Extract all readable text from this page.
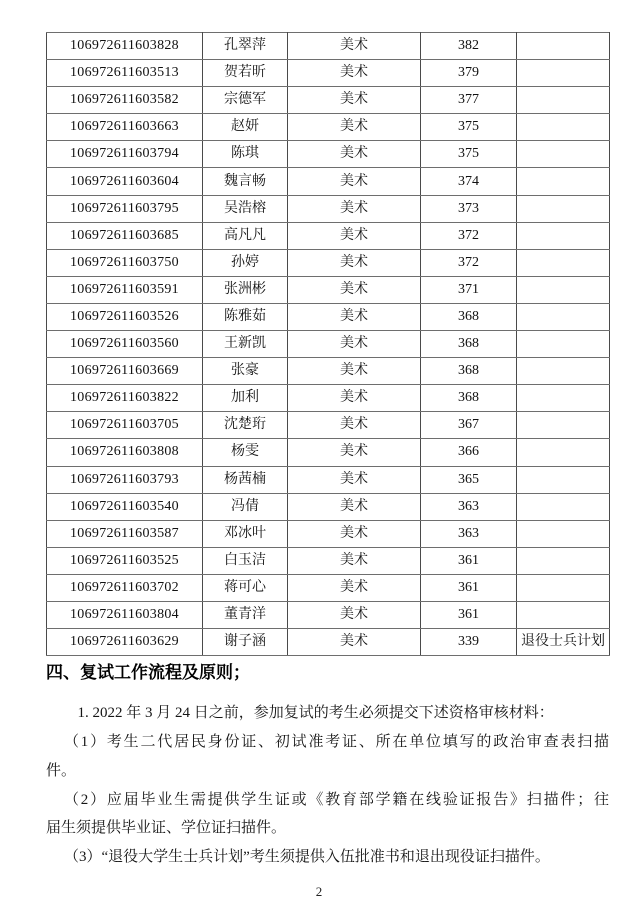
106972611603828	孔翠萍	美术	382	
106972611603513	贺若昕	美术	379	
106972611603582	宗德军	美术	377	
106972611603663	赵妍	美术	375	
106972611603794	陈琪	美术	375	
106972611603604	魏言畅	美术	374	
106972611603795	吴浩榕	美术	373	
106972611603685	高凡凡	美术	372	
106972611603750	孙婷	美术	372	
106972611603591	张洲彬	美术	371	
106972611603526	陈雅茹	美术	368	
106972611603560	王新凯	美术	368	
106972611603669	张豪	美术	368	
106972611603822	加利	美术	368	
106972611603705	沈楚珩	美术	367	
106972611603808	杨雯	美术	366	
106972611603793	杨茜楠	美术	365	
106972611603540	冯倩	美术	363	
106972611603587	邓冰叶	美术	363	
106972611603525	白玉洁	美术	361	
106972611603702	蒋可心	美术	361	
106972611603804	董青洋	美术	361	
106972611603629	谢子涵	美术	339	退役士兵计划
四、复试工作流程及原则；
1. 2022 年 3 月 24 日之前，参加复试的考生必须提交下述资格审核材料：
（1）考生二代居民身份证、初试准考证、所在单位填写的政治审查表扫描
件。
（2）应届毕业生需提供学生证或《教育部学籍在线验证报告》扫描件；往
届生须提供毕业证、学位证扫描件。
（3）“退役大学生士兵计划”考生须提供入伍批准书和退出现役证扫描件。
2
